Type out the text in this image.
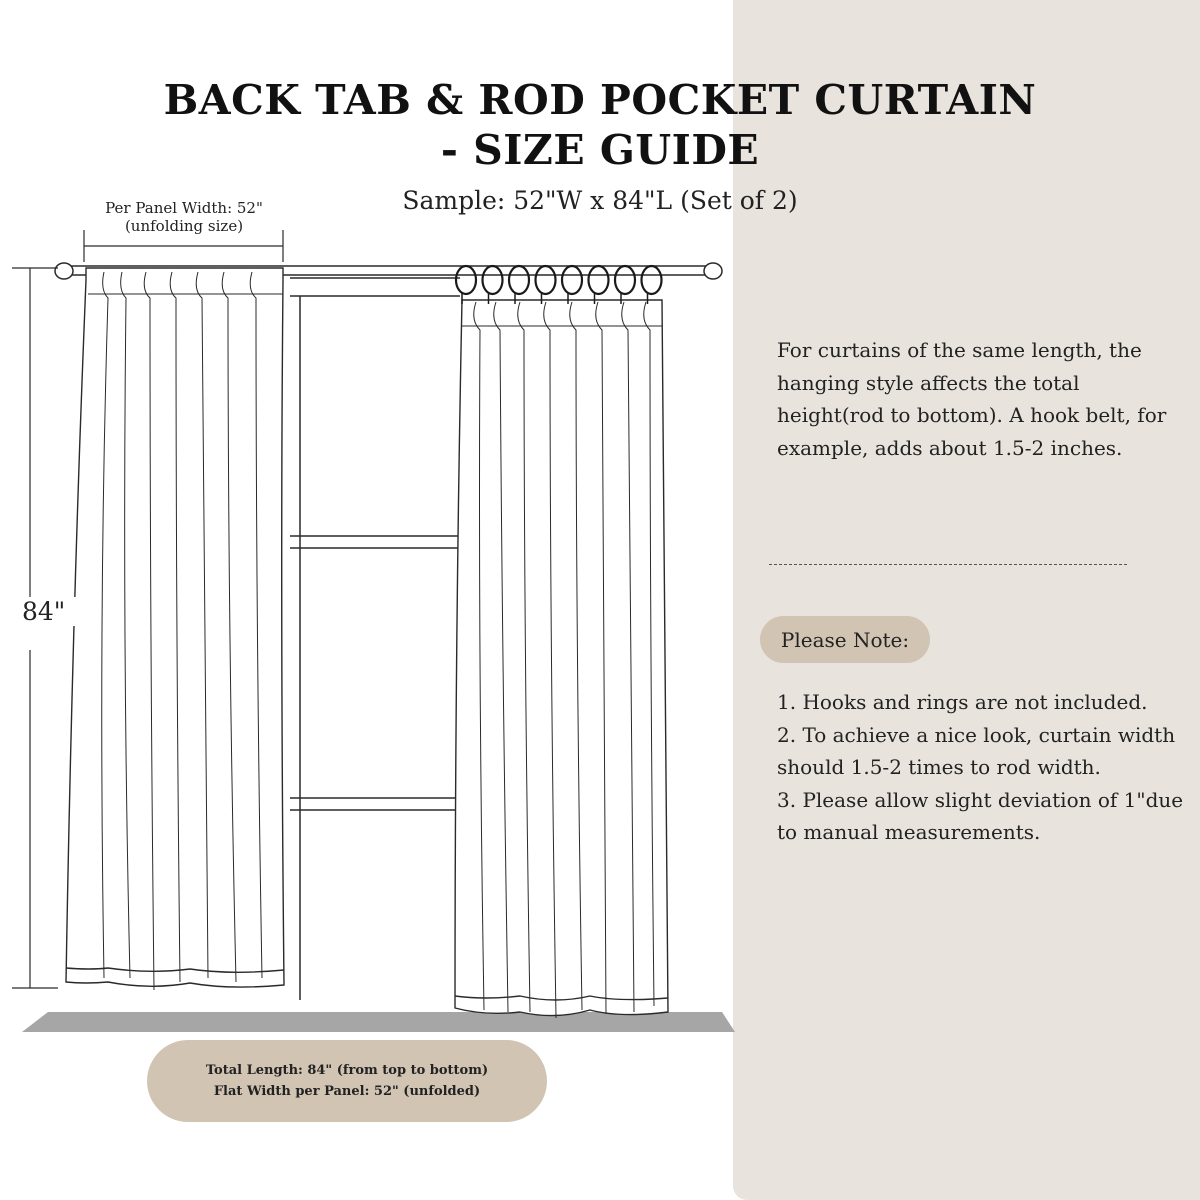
BACK TAB & ROD POCKET CURTAIN
- SIZE GUIDE
Per Panel Width: 52"
(unfolding size)
84"
Sample: 52"W x 84"L (Set of 2)
Total Length: 84" (from top to bottom)
Flat Width per Panel: 52" (unfolded)
For curtains of the same length, the hanging style affects the total height(rod to bottom). A hook belt, for example, adds about 1.5-2 inches.
Please Note:
1. Hooks and rings are not included.
2. To achieve a nice look, curtain width should 1.5-2 times to rod width.
3. Please allow slight deviation of 1"due to manual measurements.
